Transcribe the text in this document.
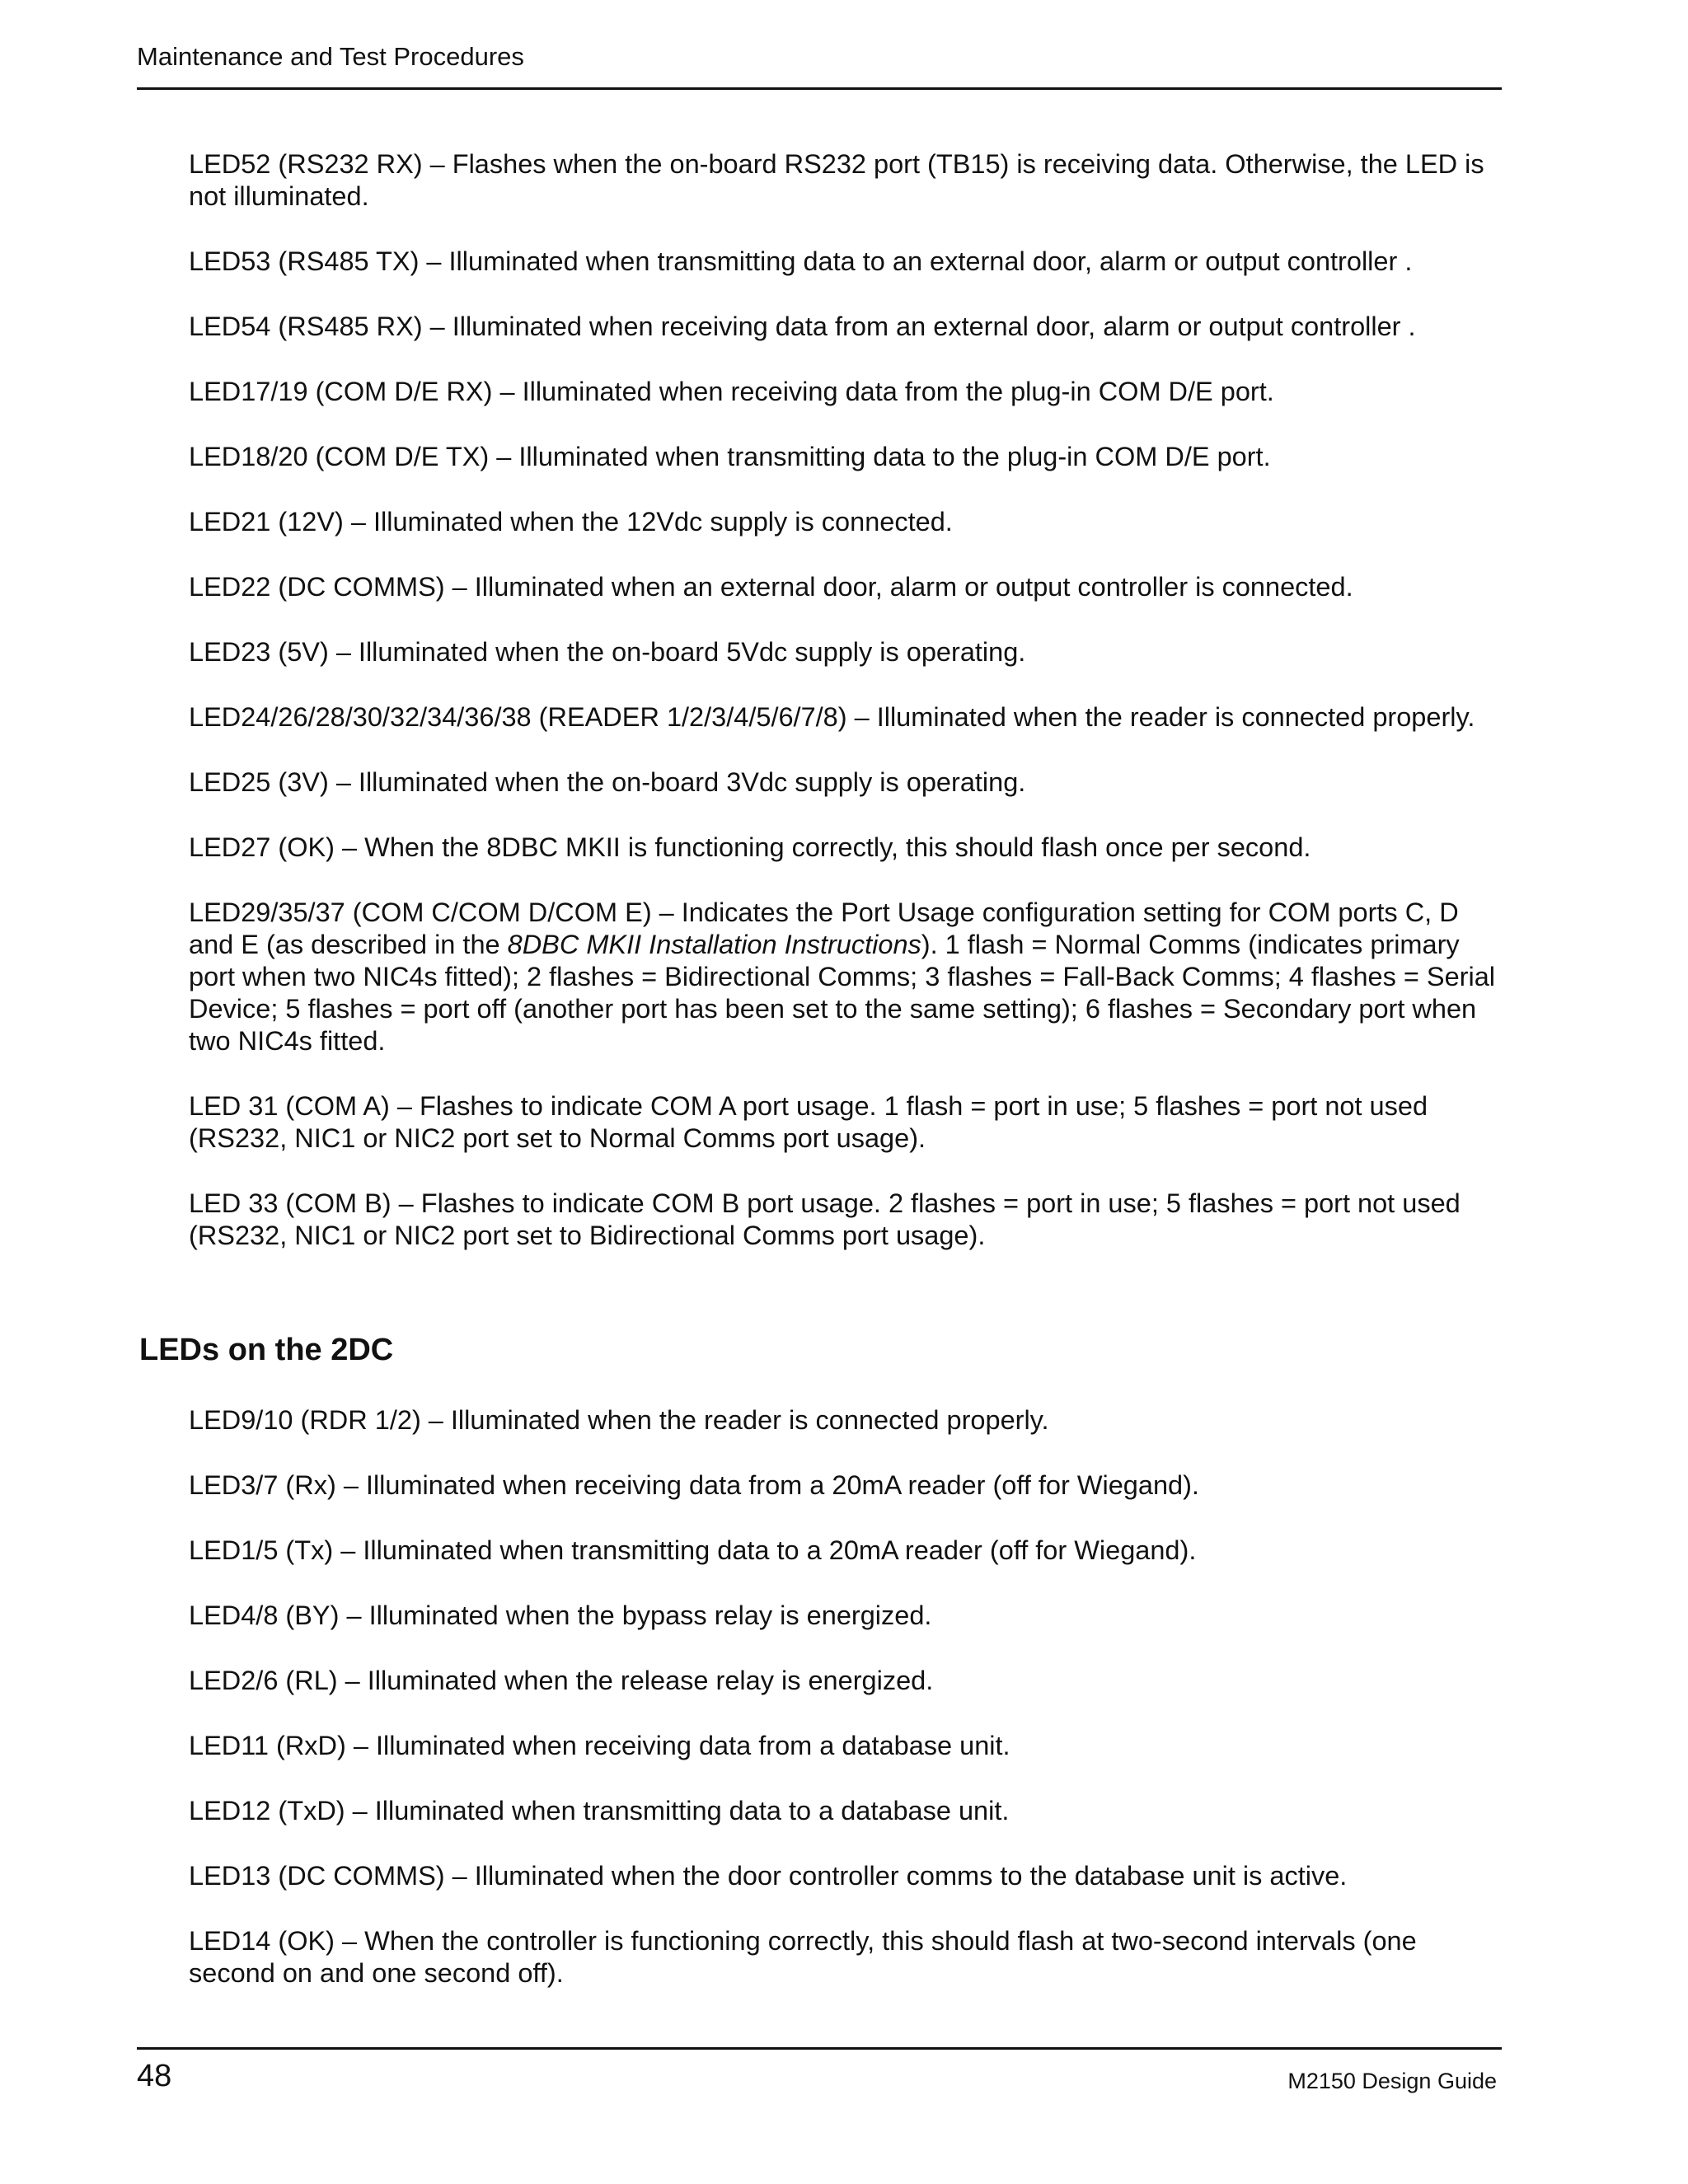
Maintenance and Test Procedures

LED52 (RS232 RX) – Flashes when the on-board RS232 port (TB15) is receiving data. Otherwise, the LED is not illuminated.

LED53 (RS485 TX) – Illuminated when transmitting data to an external door, alarm or output controller .

LED54 (RS485 RX) – Illuminated when receiving data from an external door, alarm or output controller .

LED17/19 (COM D/E RX) – Illuminated when receiving data from the plug-in COM D/E port.

LED18/20 (COM D/E TX) – Illuminated when transmitting data to the plug-in COM D/E port.

LED21 (12V) – Illuminated when the 12Vdc supply is connected.

LED22 (DC COMMS) – Illuminated when an external door, alarm or output controller is connected.

LED23 (5V) – Illuminated when the on-board 5Vdc supply is operating.

LED24/26/28/30/32/34/36/38 (READER 1/2/3/4/5/6/7/8) – Illuminated when the reader is connected properly.

LED25 (3V) – Illuminated when the on-board 3Vdc supply is operating.

LED27 (OK) – When the 8DBC MKII is functioning correctly, this should flash once per second.

LED29/35/37 (COM C/COM D/COM E) – Indicates the Port Usage configuration setting for COM ports C, D and E (as described in the 8DBC MKII Installation Instructions). 1 flash = Normal Comms (indicates primary port when two NIC4s fitted); 2 flashes = Bidirectional Comms; 3 flashes = Fall-Back Comms; 4 flashes = Serial Device; 5 flashes = port off (another port has been set to the same setting); 6 flashes = Secondary port when two NIC4s fitted.

LED 31 (COM A) – Flashes to indicate COM A port usage. 1 flash = port in use; 5 flashes = port not used (RS232, NIC1 or NIC2 port set to Normal Comms port usage).

LED 33 (COM B) – Flashes to indicate COM B port usage. 2 flashes = port in use; 5 flashes = port not used (RS232, NIC1 or NIC2 port set to Bidirectional Comms port usage).

LEDs on the 2DC

LED9/10 (RDR 1/2) – Illuminated when the reader is connected properly.

LED3/7 (Rx) – Illuminated when receiving data from a 20mA reader (off for Wiegand).

LED1/5 (Tx) – Illuminated when transmitting data to a 20mA reader (off for Wiegand).

LED4/8 (BY) – Illuminated when the bypass relay is energized.

LED2/6 (RL) – Illuminated when the release relay is energized.

LED11 (RxD) – Illuminated when receiving data from a database unit.

LED12 (TxD) – Illuminated when transmitting data to a database unit.

LED13 (DC COMMS) – Illuminated when the door controller comms to the database unit is active.

LED14 (OK) – When the controller is functioning correctly, this should flash at two-second intervals (one second on and one second off).

48	M2150 Design Guide
